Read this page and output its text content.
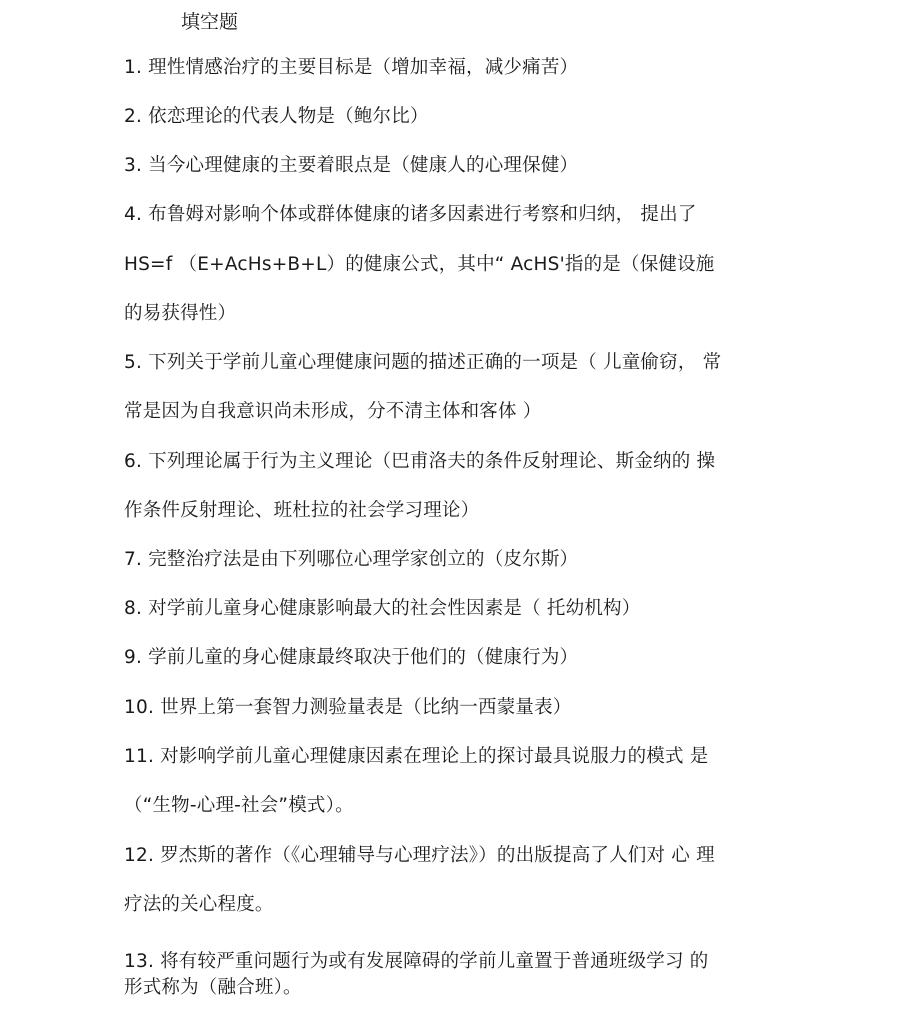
填空题
1. 理性情感治疗的主要目标是（增加幸福，减少痛苦）
2. 依恋理论的代表人物是（鲍尔比）
3. 当今心理健康的主要着眼点是（健康人的心理保健）
4. 布鲁姆对影响个体或群体健康的诸多因素进行考察和归纳， 提出了
HS=f （E+AcHs+B+L）的健康公式，其中“ AcHS'指的是（保健设施
的易获得性）
5. 下列关于学前儿童心理健康问题的描述正确的一项是（ 儿童偷窃， 常
常是因为自我意识尚未形成，分不清主体和客体 ）
6. 下列理论属于行为主义理论（巴甫洛夫的条件反射理论、斯金纳的 操
作条件反射理论、班杜拉的社会学习理论）
7. 完整治疗法是由下列哪位心理学家创立的（皮尔斯）
8. 对学前儿童身心健康影响最大的社会性因素是（ 托幼机构）
9. 学前儿童的身心健康最终取决于他们的（健康行为）
10. 世界上第一套智力测验量表是（比纳一西蒙量表）
11. 对影响学前儿童心理健康因素在理论上的探讨最具说服力的模式 是
（“生物-心理-社会”模式）。
12. 罗杰斯的著作（《心理辅导与心理疗法》）的出版提高了人们对 心 理
疗法的关心程度。
13. 将有较严重问题行为或有发展障碍的学前儿童置于普通班级学习 的
形式称为（融合班）。
